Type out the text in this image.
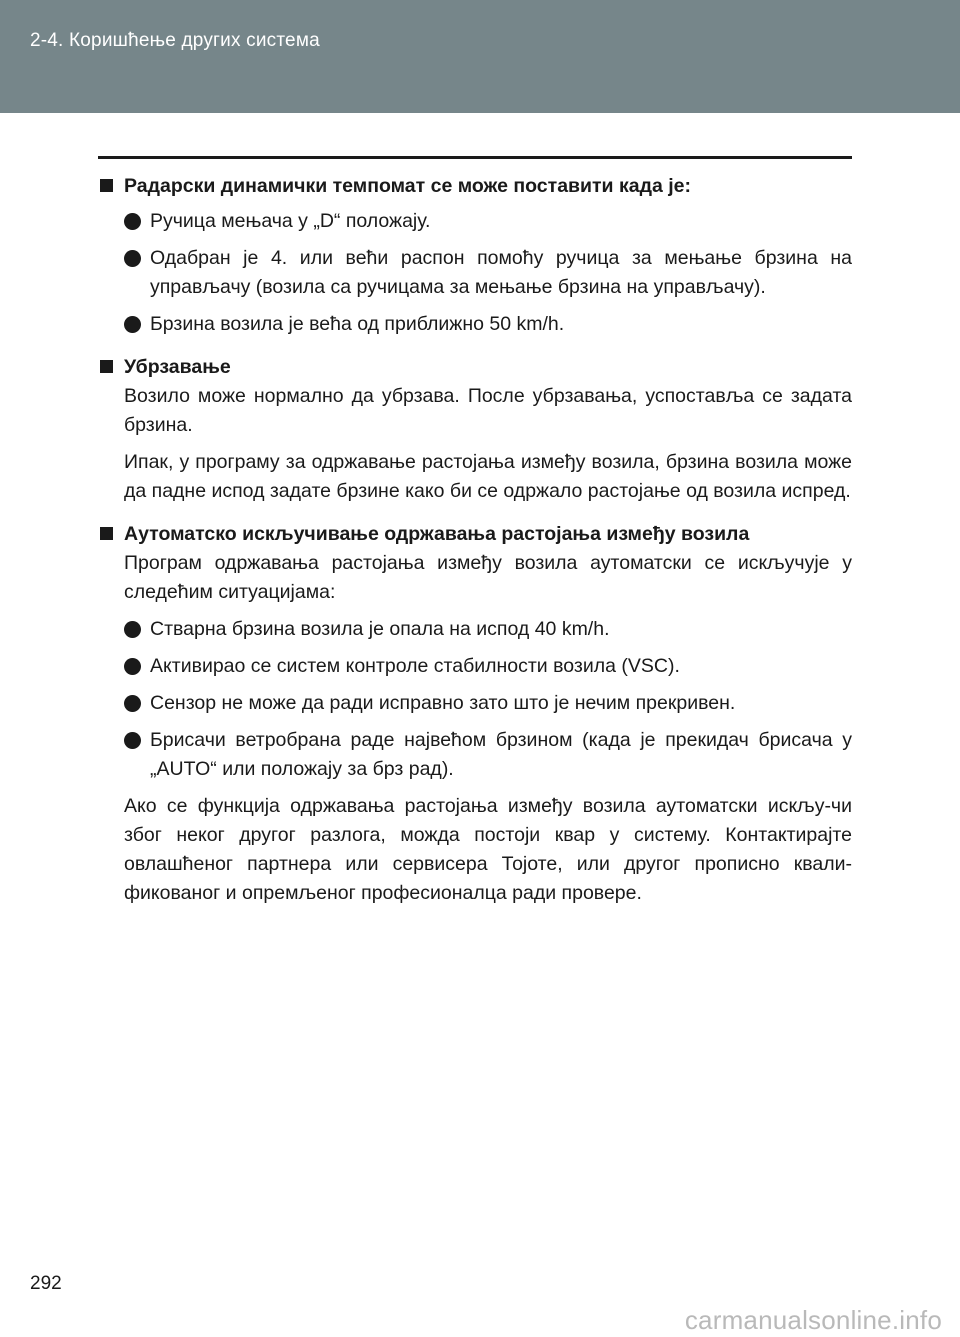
2-4. Коришћење других система
Радарски динамички темпомат се може поставити када је:
Ручица мењача у „D“ положају.
Одабран је 4. или већи распон помоћу ручица за мењање брзина на управљачу (возила са ручицама за мењање брзина на управљачу).
Брзина возила је већа од приближно 50 km/h.
Убрзавање
Возило може нормално да убрзава. После убрзавања, успоставља се задата брзина.
Ипак, у програму за одржавање растојања између возила, брзина возила може да падне испод задате брзине како би се одржало растојање од возила испред.
Аутоматско искључивање одржавања растојања између возила
Програм одржавања растојања између возила аутоматски се искључује у следећим ситуацијама:
Стварна брзина возила је опала на испод 40 km/h.
Активирао се систем контроле стабилности возила (VSC).
Сензор не може да ради исправно зато што је нечим прекривен.
Брисачи ветробрана раде највећом брзином (када је прекидач брисача у „AUTO“ или положају за брз рад).
Ако се функција одржавања растојања између возила аутоматски искљу-чи због неког другог разлога, можда постоји квар у систему. Контактирајте овлашћеног партнера или сервисера Тојоте, или другог прописно квали-фикованог и опремљеног професионалца ради провере.
292
carmanualsonline.info
